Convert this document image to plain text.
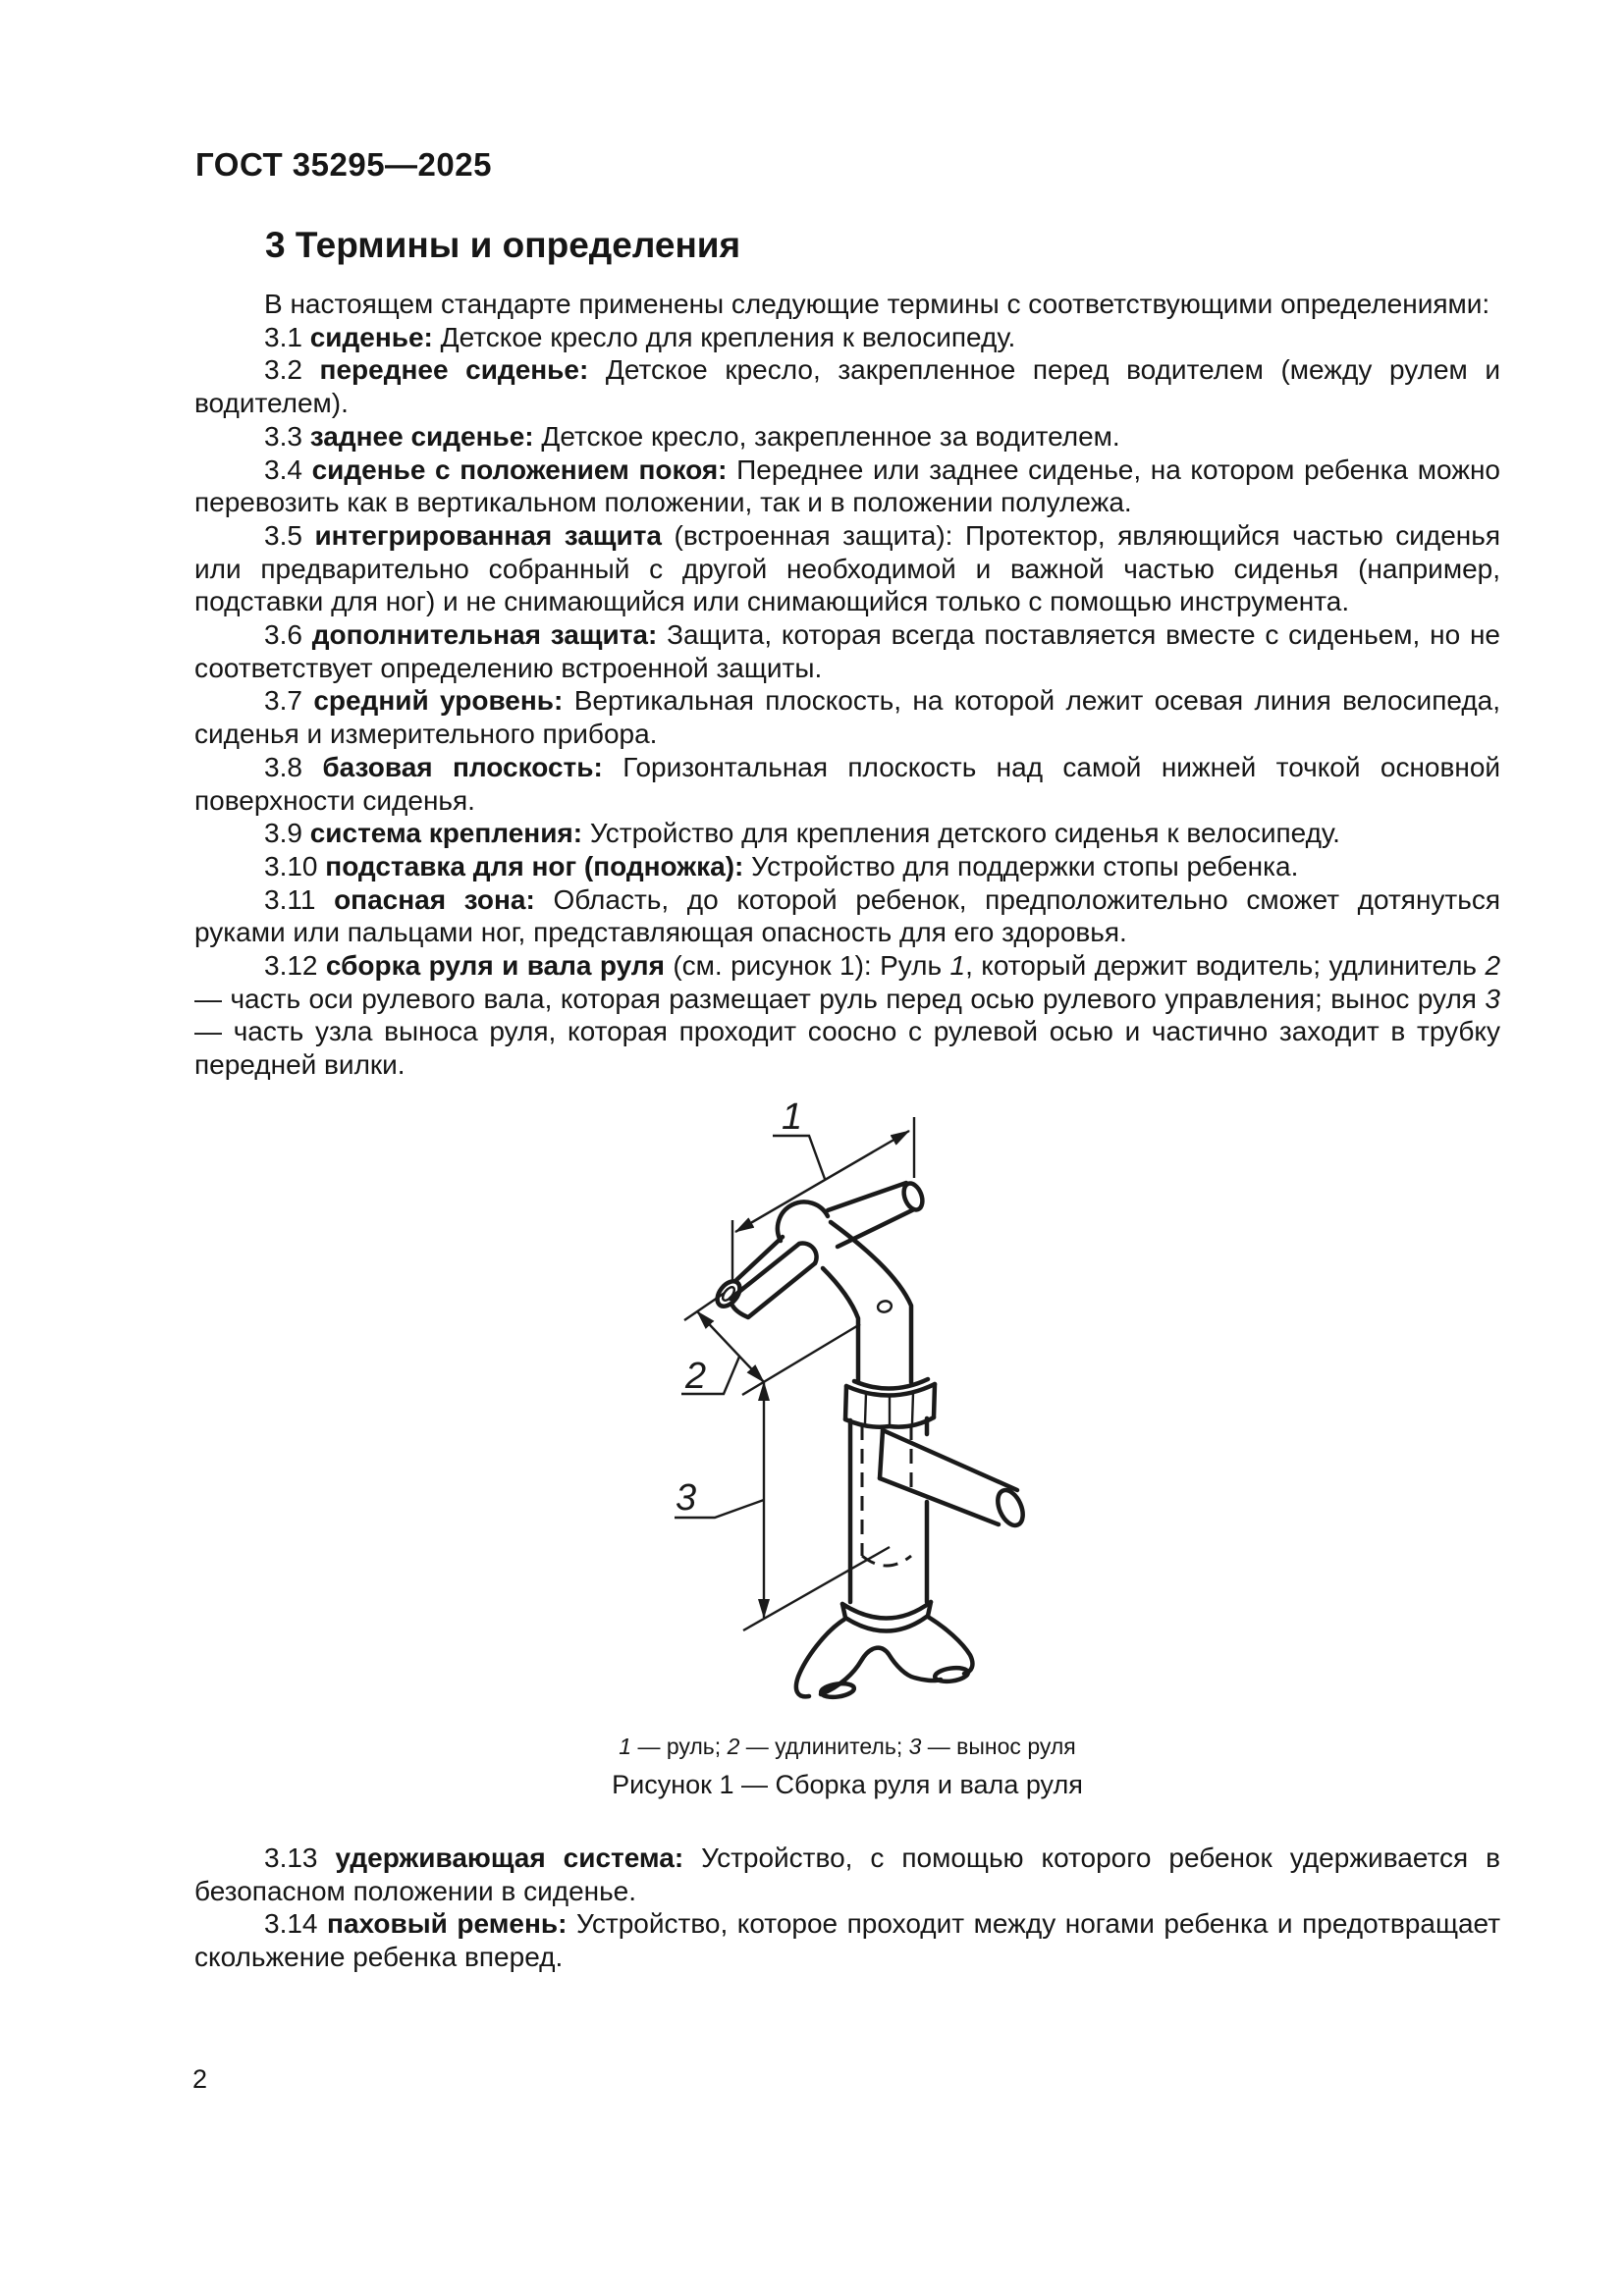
ГОСТ 35295—2025
3 Термины и определения

В настоящем стандарте применены следующие термины с соответствующими определениями:

3.1 сиденье: Детское кресло для крепления к велосипеду.

3.2 переднее сиденье: Детское кресло, закрепленное перед водителем (между рулем и водителем).

3.3 заднее сиденье: Детское кресло, закрепленное за водителем.

3.4 сиденье с положением покоя: Переднее или заднее сиденье, на котором ребенка можно перевозить как в вертикальном положении, так и в положении полулежа.

3.5 интегрированная защита (встроенная защита): Протектор, являющийся частью сиденья или предварительно собранный с другой необходимой и важной частью сиденья (например, подставки для ног) и не снимающийся или снимающийся только с помощью инструмента.

3.6 дополнительная защита: Защита, которая всегда поставляется вместе с сиденьем, но не соответствует определению встроенной защиты.

3.7 средний уровень: Вертикальная плоскость, на которой лежит осевая линия велосипеда, сиденья и измерительного прибора.

3.8 базовая плоскость: Горизонтальная плоскость над самой нижней точкой основной поверхности сиденья.

3.9 система крепления: Устройство для крепления детского сиденья к велосипеду.

3.10 подставка для ног (подножка): Устройство для поддержки стопы ребенка.

3.11 опасная зона: Область, до которой ребенок, предположительно сможет дотянуться руками или пальцами ног, представляющая опасность для его здоровья.

3.12 сборка руля и вала руля (см. рисунок 1): Руль 1, который держит водитель; удлинитель 2 — часть оси рулевого вала, которая размещает руль перед осью рулевого управления; вынос руля 3 — часть узла выноса руля, которая проходит соосно с рулевой осью и частично заходит в трубку передней вилки.

1
2
3
1 — руль; 2 — удлинитель; 3 — вынос руля
Рисунок 1 — Сборка руля и вала руля

3.13 удерживающая система: Устройство, с помощью которого ребенок удерживается в безопасном положении в сиденье.

3.14 паховый ремень: Устройство, которое проходит между ногами ребенка и предотвращает скольжение ребенка вперед.

2
